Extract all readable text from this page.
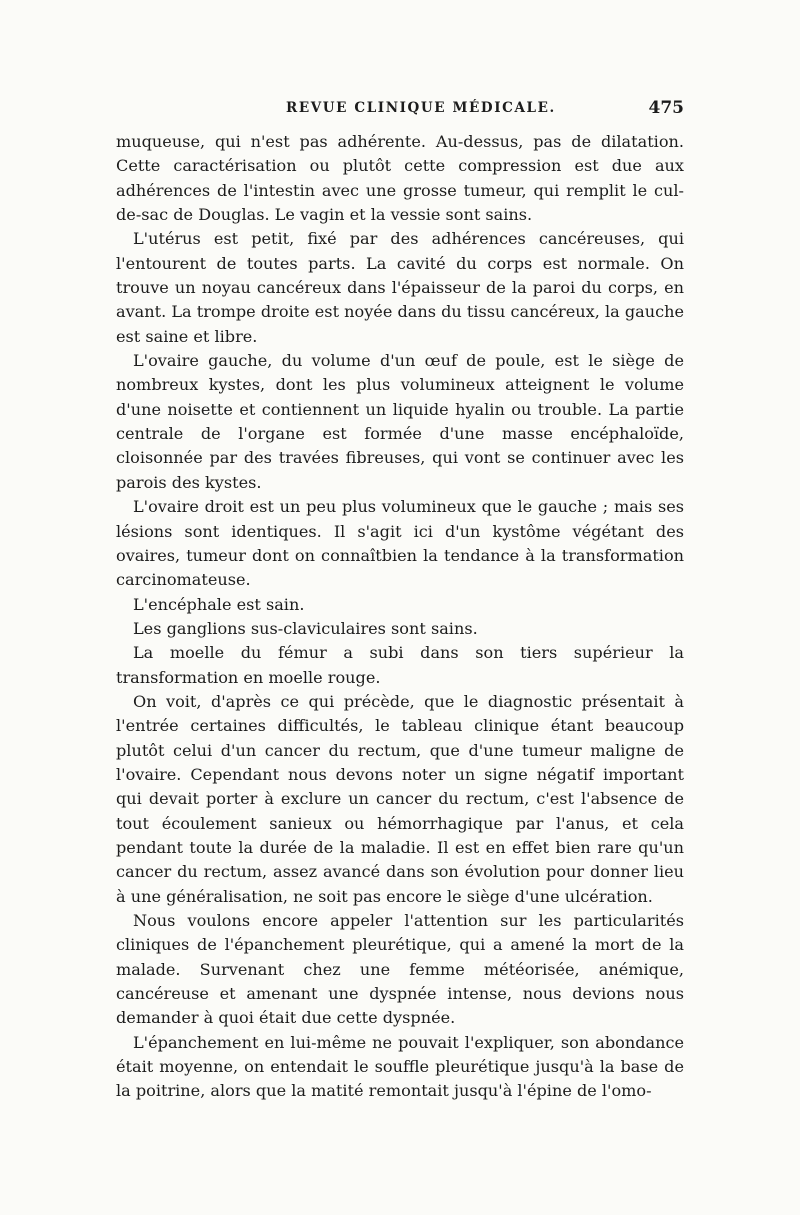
REVUE CLINIQUE MÉDICALE.	475

muqueuse, qui n'est pas adhérente. Au-dessus, pas de dilatation. Cette caractérisation ou plutôt cette compression est due aux adhérences de l'intestin avec une grosse tumeur, qui remplit le cul-de-sac de Douglas. Le vagin et la vessie sont sains.

L'utérus est petit, fixé par des adhérences cancéreuses, qui l'entourent de toutes parts. La cavité du corps est normale. On trouve un noyau cancéreux dans l'épaisseur de la paroi du corps, en avant. La trompe droite est noyée dans du tissu cancéreux, la gauche est saine et libre.

L'ovaire gauche, du volume d'un œuf de poule, est le siège de nombreux kystes, dont les plus volumineux atteignent le volume d'une noisette et contiennent un liquide hyalin ou trouble. La partie centrale de l'organe est formée d'une masse encéphaloïde, cloisonnée par des travées fibreuses, qui vont se continuer avec les parois des kystes.

L'ovaire droit est un peu plus volumineux que le gauche ; mais ses lésions sont identiques. Il s'agit ici d'un kystôme végétant des ovaires, tumeur dont on connaîtbien la tendance à la transformation carcinomateuse.

L'encéphale est sain.

Les ganglions sus-claviculaires sont sains.

La moelle du fémur a subi dans son tiers supérieur la transformation en moelle rouge.

On voit, d'après ce qui précède, que le diagnostic présentait à l'entrée certaines difficultés, le tableau clinique étant beaucoup plutôt celui d'un cancer du rectum, que d'une tumeur maligne de l'ovaire. Cependant nous devons noter un signe négatif important qui devait porter à exclure un cancer du rectum, c'est l'absence de tout écoulement sanieux ou hémorrhagique par l'anus, et cela pendant toute la durée de la maladie. Il est en effet bien rare qu'un cancer du rectum, assez avancé dans son évolution pour donner lieu à une généralisation, ne soit pas encore le siège d'une ulcération.

Nous voulons encore appeler l'attention sur les particularités cliniques de l'épanchement pleurétique, qui a amené la mort de la malade. Survenant chez une femme météorisée, anémique, cancéreuse et amenant une dyspnée intense, nous devions nous demander à quoi était due cette dyspnée.

L'épanchement en lui-même ne pouvait l'expliquer, son abondance était moyenne, on entendait le souffle pleurétique jusqu'à la base de la poitrine, alors que la matité remontait jusqu'à l'épine de l'omo-
